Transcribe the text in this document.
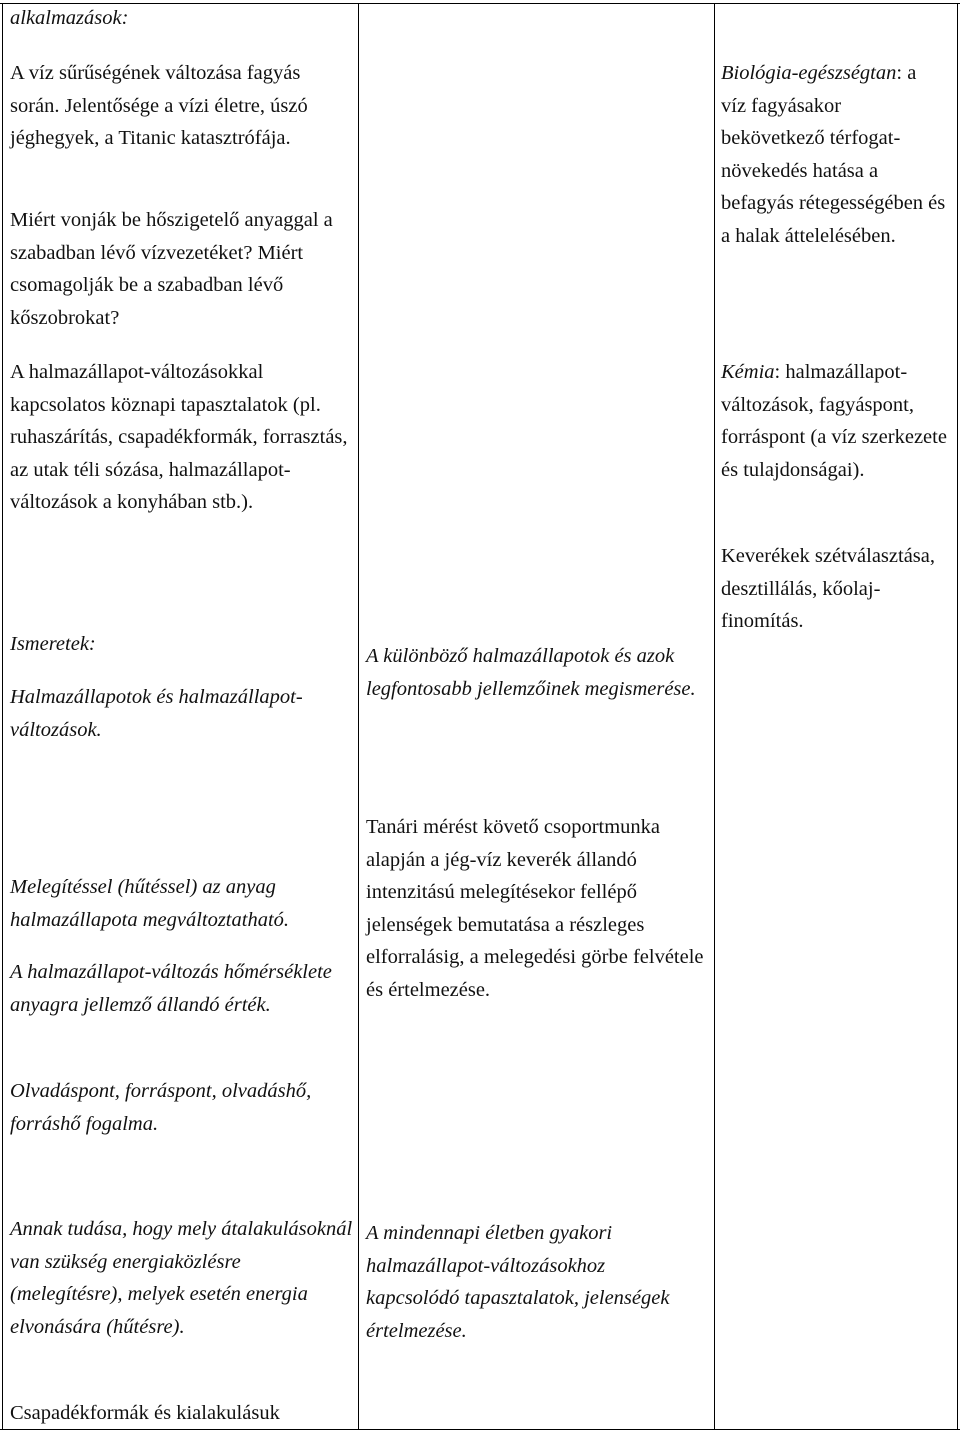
alkalmazások:

A víz sűrűségének változása fagyás során. Jelentősége a vízi életre, úszó jéghegyek, a Titanic katasztrófája.

Miért vonják be hőszigetelő anyaggal a szabadban lévő vízvezetéket? Miért csomagolják be a szabadban lévő kőszobrokat?

A halmazállapot-változásokkal kapcsolatos köznapi tapasztalatok (pl. ruhaszárítás, csapadékformák, forrasztás, az utak téli sózása, halmazállapot-változások a konyhában stb.).

Ismeretek:

Halmazállapotok és halmazállapot-változások.

Melegítéssel (hűtéssel) az anyag halmazállapota megváltoztatható.

A halmazállapot-változás hőmérséklete anyagra jellemző állandó érték.

Olvadáspont, forráspont, olvadáshő, forráshő fogalma.

Annak tudása, hogy mely átalakulásoknál van szükség energiaközlésre (melegítésre), melyek esetén energia elvonására (hűtésre).

Csapadékformák és kialakulásuk

A különböző halmazállapotok és azok legfontosabb jellemzőinek megismerése.

Tanári mérést követő csoportmunka alapján a jég-víz keverék állandó intenzitású melegítésekor fellépő jelenségek bemutatása a részleges elforralásig, a melegedési görbe felvétele és értelmezése.

A mindennapi életben gyakori halmazállapot-változásokhoz kapcsolódó tapasztalatok, jelenségek értelmezése.

Biológia-egészségtan: a víz fagyásakor bekövetkező térfogat-növekedés hatása a befagyás rétegességében és a halak áttelelésében.

Kémia: halmazállapot-változások, fagyáspont, forráspont (a víz szerkezete és tulajdonságai).

Keverékek szétválasztása, desztillálás, kőolaj-finomítás.
